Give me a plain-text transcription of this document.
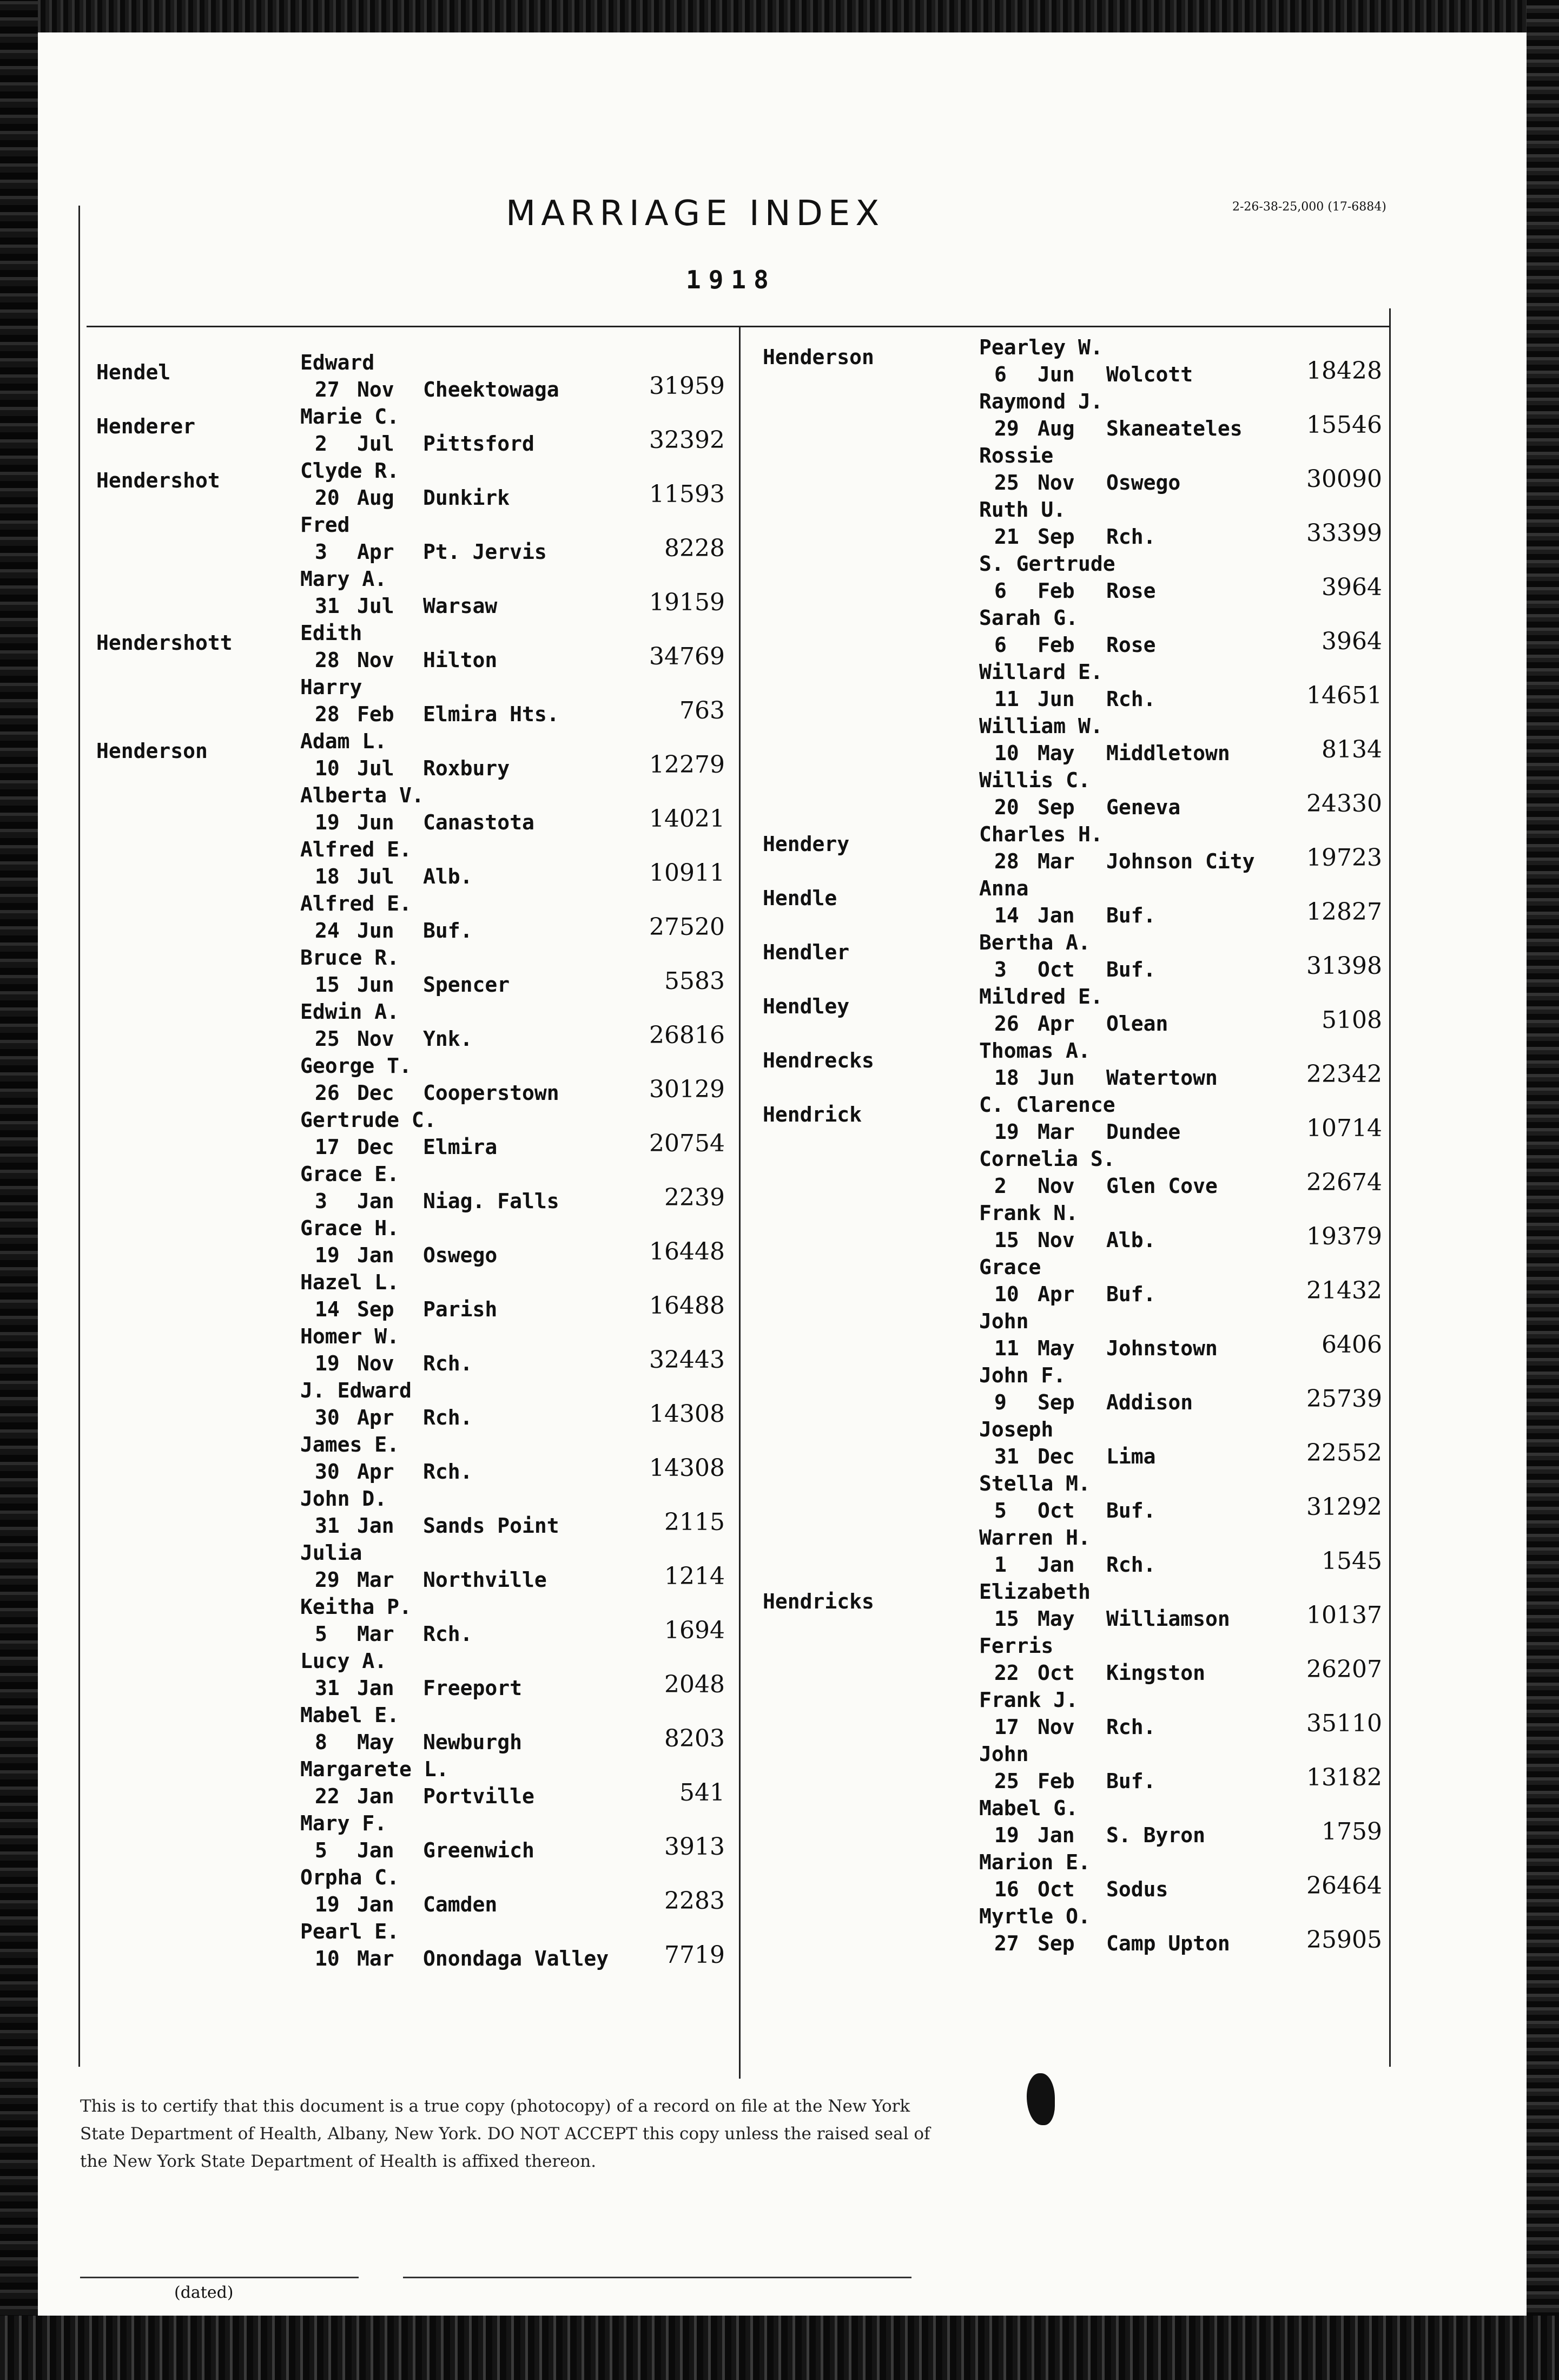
MARRIAGE INDEX	2-26-38-25,000 (17-6884)
1918
Hendel	Edward
27 Nov Cheektowaga	31959
Henderer	Marie C.
2 Jul Pittsford	32392
Hendershot	Clyde R.
20 Aug Dunkirk	11593
Fred
3 Apr Pt. Jervis	8228
Mary A.
31 Jul Warsaw	19159
Hendershott	Edith
28 Nov Hilton	34769
Harry
28 Feb Elmira Hts.	763
Henderson	Adam L.
10 Jul Roxbury	12279
Alberta V.
19 Jun Canastota	14021
Alfred E.
18 Jul Alb.	10911
Alfred E.
24 Jun Buf.	27520
Bruce R.
15 Jun Spencer	5583
Edwin A.
25 Nov Ynk.	26816
George T.
26 Dec Cooperstown	30129
Gertrude C.
17 Dec Elmira	20754
Grace E.
3 Jan Niag. Falls	2239
Grace H.
19 Jan Oswego	16448
Hazel L.
14 Sep Parish	16488
Homer W.
19 Nov Rch.	32443
J. Edward
30 Apr Rch.	14308
James E.
30 Apr Rch.	14308
John D.
31 Jan Sands Point	2115
Julia
29 Mar Northville	1214
Keitha P.
5 Mar Rch.	1694
Lucy A.
31 Jan Freeport	2048
Mabel E.
8 May Newburgh	8203
Margarete L.
22 Jan Portville	541
Mary F.
5 Jan Greenwich	3913
Orpha C.
19 Jan Camden	2283
Pearl E.
10 Mar Onondaga Valley 7719
Henderson	Pearley W.
6 Jun Wolcott	18428
Raymond J.
29 Aug Skaneateles	15546
Rossie
25 Nov Oswego	30090
Ruth U.
21 Sep Rch.	33399
S. Gertrude
6 Feb Rose	3964
Sarah G.
6 Feb Rose	3964
Willard E.
11 Jun Rch.	14651
William W.
10 May Middletown	8134
Willis C.
20 Sep Geneva	24330
Hendery	Charles H.
28 Mar Johnson City 19723
Hendle	Anna
14 Jan Buf.	12827
Hendler	Bertha A.
3 Oct Buf.	31398
Hendley	Mildred E.
26 Apr Olean	5108
Hendrecks	Thomas A.
18 Jun Watertown	22342
Hendrick	C. Clarence
19 Mar Dundee	10714
Cornelia S.
2 Nov Glen Cove	22674
Frank N.
15 Nov Alb.	19379
Grace
10 Apr Buf.	21432
John
11 May Johnstown	6406
John F.
9 Sep Addison	25739
Joseph
31 Dec Lima	22552
Stella M.
5 Oct Buf.	31292
Warren H.
1 Jan Rch.	1545
Hendricks	Elizabeth
15 May Williamson	10137
Ferris
22 Oct Kingston	26207
Frank J.
17 Nov Rch.	35110
John
25 Feb Buf.	13182
Mabel G.
19 Jan S. Byron	1759
Marion E.
16 Oct Sodus	26464
Myrtle O.
27 Sep Camp Upton	25905
This is to certify that this document is a true copy (photocopy) of a record on file at the New York State Department of Health, Albany, New York. DO NOT ACCEPT this copy unless the raised seal of the New York State Department of Health is affixed thereon.
(dated)
